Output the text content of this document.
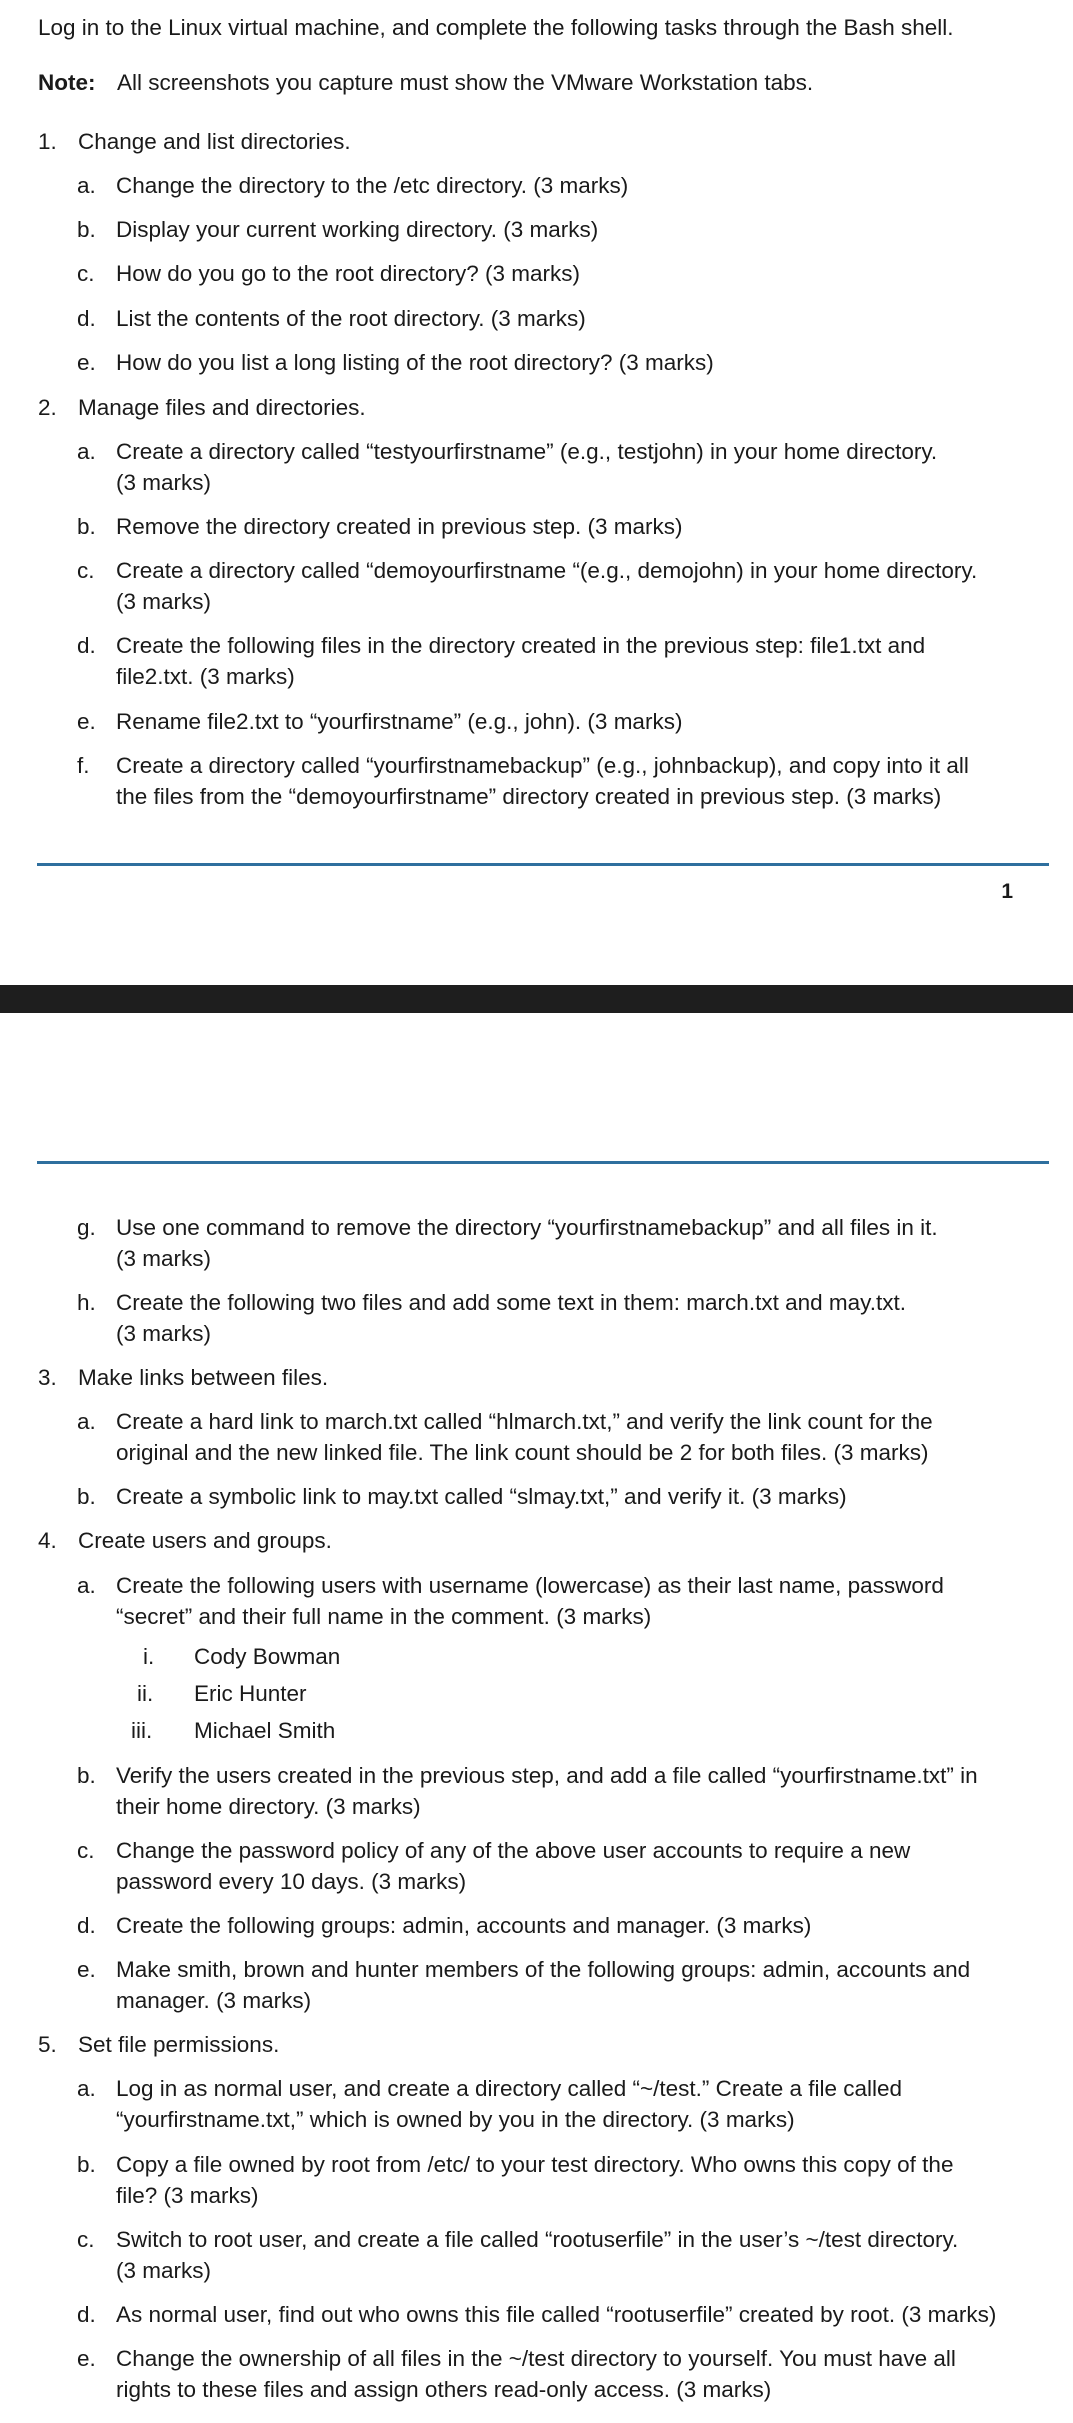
Log in to the Linux virtual machine, and complete the following tasks through the Bash shell.
Note: All screenshots you capture must show the VMware Workstation tabs.
1. Change and list directories.
a. Change the directory to the /etc directory. (3 marks)
b. Display your current working directory. (3 marks)
c. How do you go to the root directory? (3 marks)
d. List the contents of the root directory. (3 marks)
e. How do you list a long listing of the root directory? (3 marks)
2. Manage files and directories.
a. Create a directory called “testyourfirstname” (e.g., testjohn) in your home directory.
(3 marks)
b. Remove the directory created in previous step. (3 marks)
c. Create a directory called “demoyourfirstname “(e.g., demojohn) in your home directory.
(3 marks)
d. Create the following files in the directory created in the previous step: file1.txt and
file2.txt. (3 marks)
e. Rename file2.txt to “yourfirstname” (e.g., john). (3 marks)
f. Create a directory called “yourfirstnamebackup” (e.g., johnbackup), and copy into it all
the files from the “demoyourfirstname” directory created in previous step. (3 marks)
1
g. Use one command to remove the directory “yourfirstnamebackup” and all files in it.
(3 marks)
h. Create the following two files and add some text in them: march.txt and may.txt.
(3 marks)
3. Make links between files.
a. Create a hard link to march.txt called “hlmarch.txt,” and verify the link count for the
original and the new linked file. The link count should be 2 for both files. (3 marks)
b. Create a symbolic link to may.txt called “slmay.txt,” and verify it. (3 marks)
4. Create users and groups.
a. Create the following users with username (lowercase) as their last name, password
“secret” and their full name in the comment. (3 marks)
i. Cody Bowman
ii. Eric Hunter
iii. Michael Smith
b. Verify the users created in the previous step, and add a file called “yourfirstname.txt” in
their home directory. (3 marks)
c. Change the password policy of any of the above user accounts to require a new
password every 10 days. (3 marks)
d. Create the following groups: admin, accounts and manager. (3 marks)
e. Make smith, brown and hunter members of the following groups: admin, accounts and
manager. (3 marks)
5. Set file permissions.
a. Log in as normal user, and create a directory called “~/test.” Create a file called
“yourfirstname.txt,” which is owned by you in the directory. (3 marks)
b. Copy a file owned by root from /etc/ to your test directory. Who owns this copy of the
file? (3 marks)
c. Switch to root user, and create a file called “rootuserfile” in the user’s ~/test directory.
(3 marks)
d. As normal user, find out who owns this file called “rootuserfile” created by root. (3 marks)
e. Change the ownership of all files in the ~/test directory to yourself. You must have all
rights to these files and assign others read-only access. (3 marks)
